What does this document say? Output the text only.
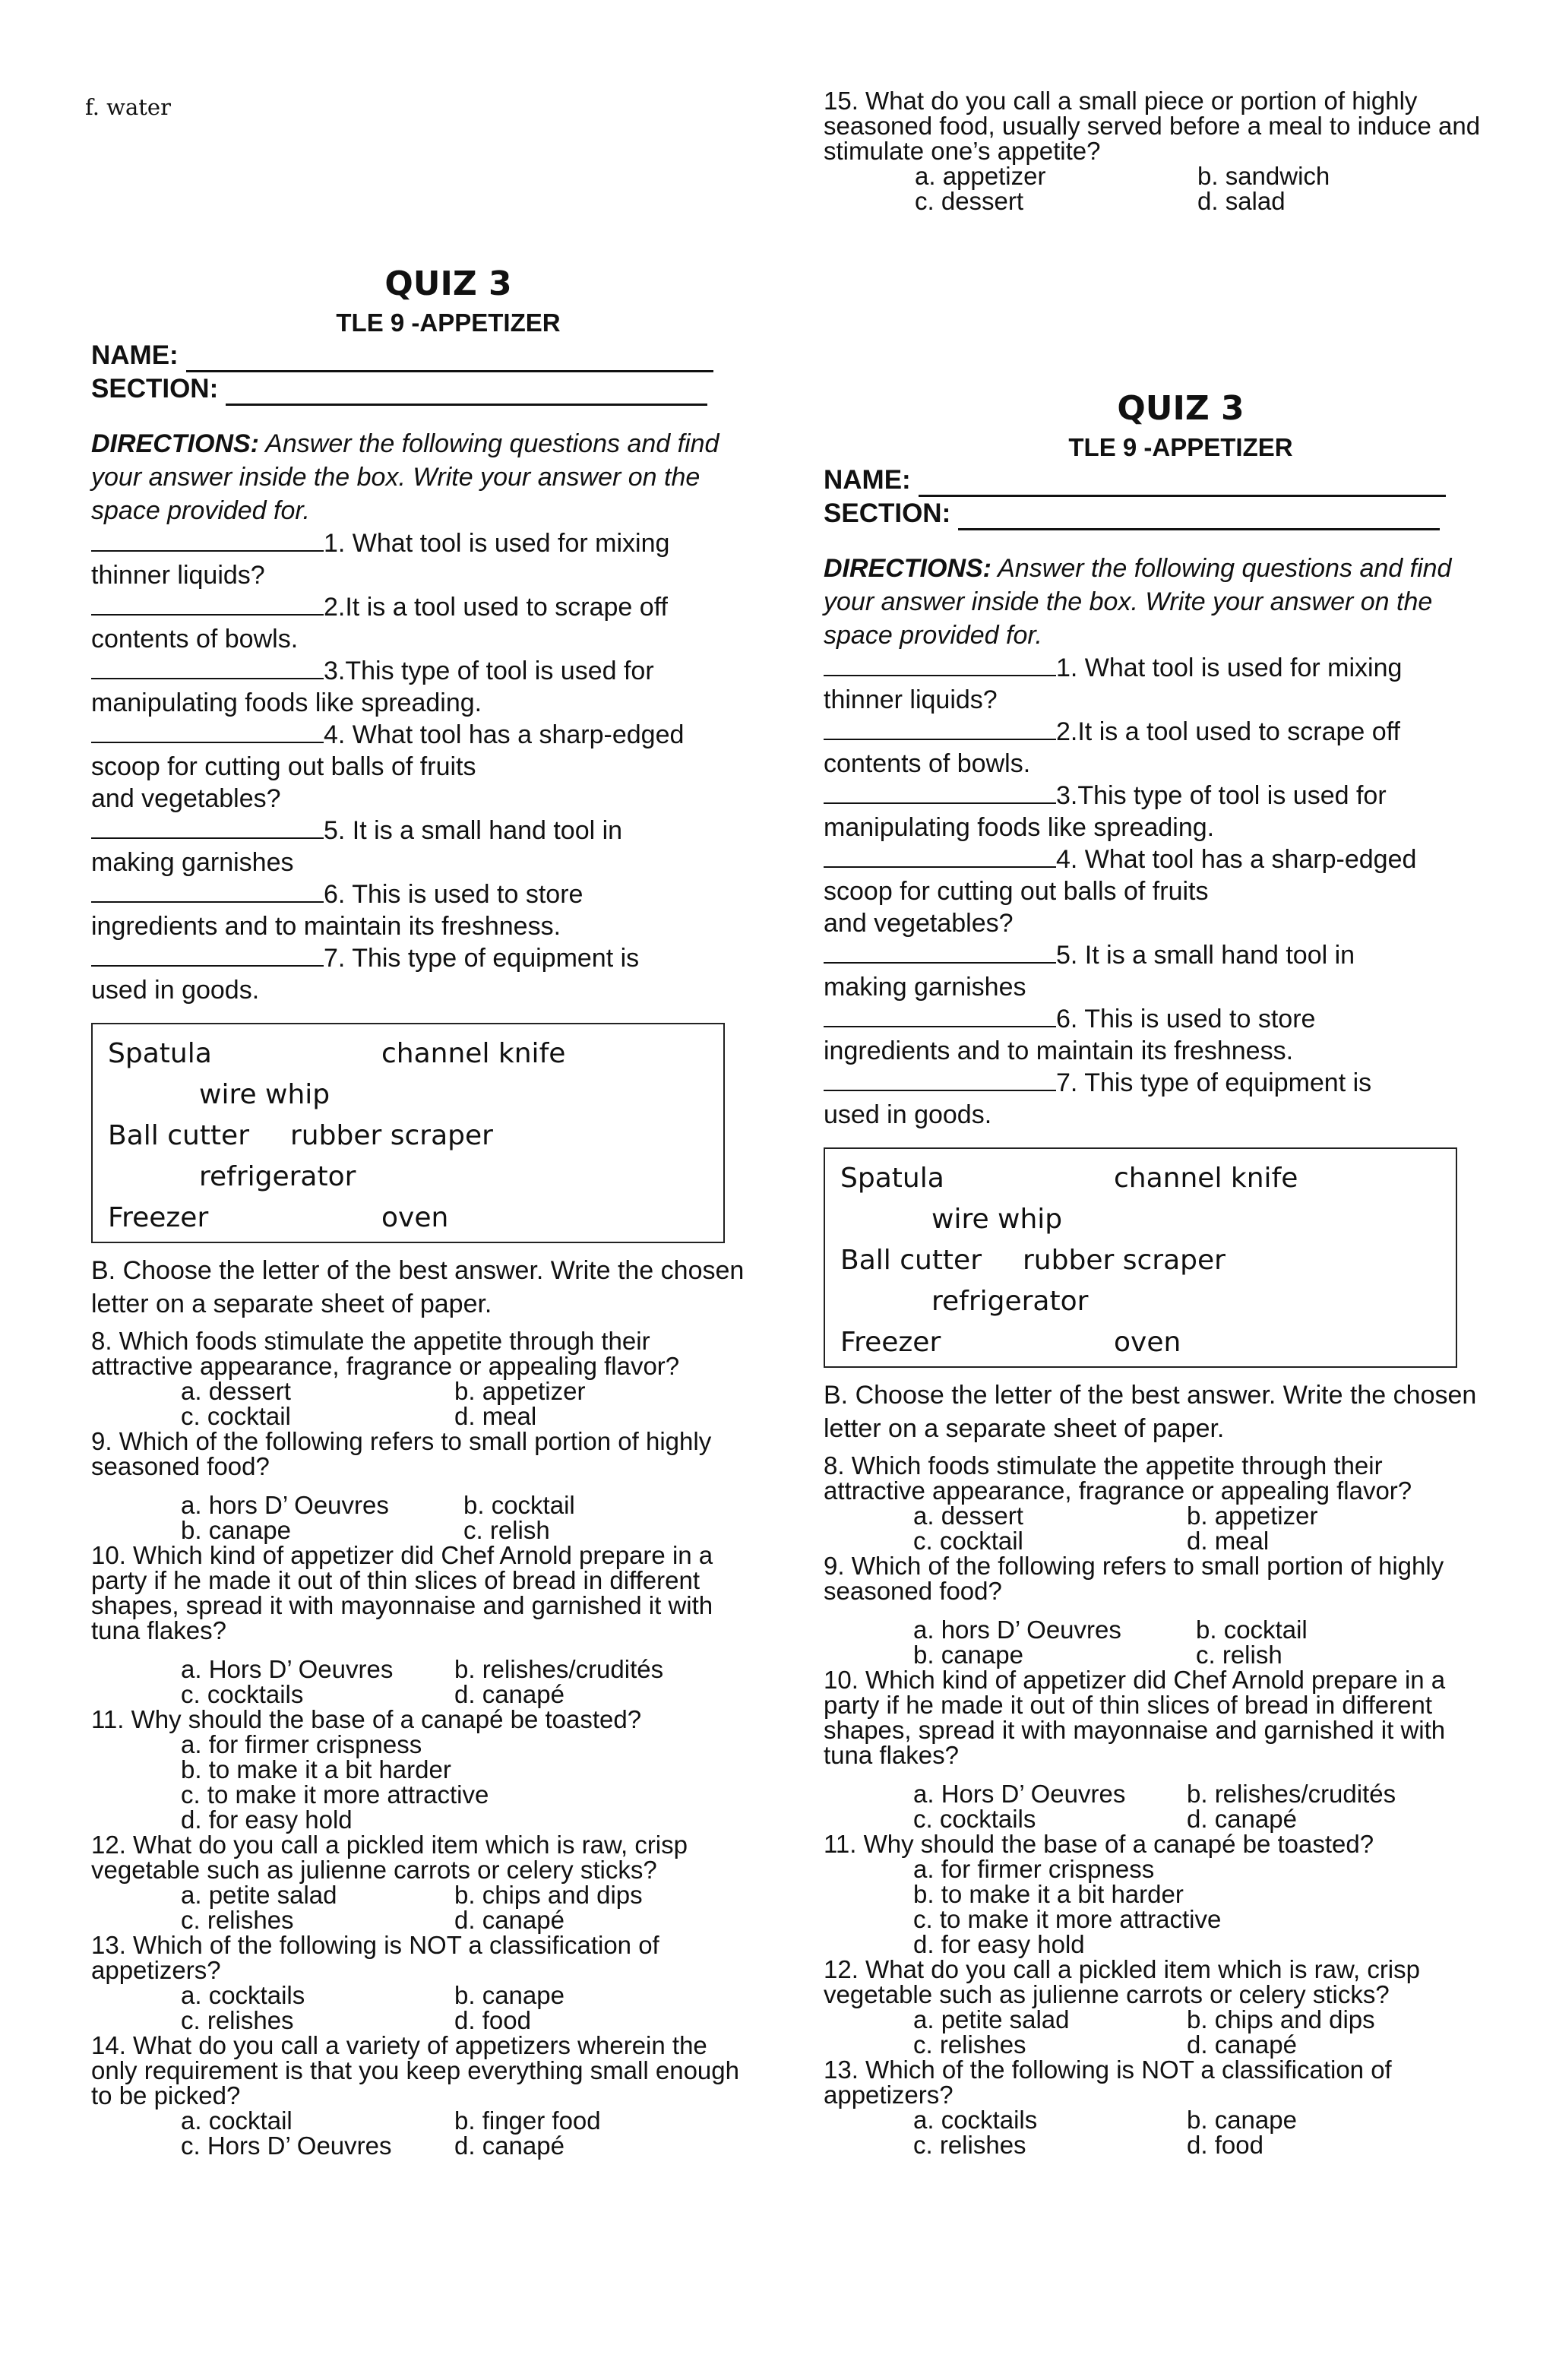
f. water	15. What do you call a small piece or portion of highly seasoned food, usually served before a meal to induce and stimulate one’s appetite?
a. appetizer	b. sandwich
c. dessert	d. salad
QUIZ 3
TLE 9 -APPETIZER
NAME:
SECTION:
DIRECTIONS: Answer the following questions and find your answer inside the box. Write your answer on the space provided for.
1. What tool is used for mixing
thinner liquids?
2.It is a tool used to scrape off
contents of bowls.
3.This type of tool is used for
manipulating foods like spreading.
4. What tool has a sharp-edged
scoop for cutting out balls of fruits
and vegetables?
5. It is a small hand tool in
making garnishes
6. This is used to store
ingredients and to maintain its freshness.
7. This type of equipment is
used in goods.
Spatula	channel knife
wire whip
Ball cutter rubber scraper
refrigerator
Freezer	oven
B. Choose the letter of the best answer. Write the chosen letter on a separate sheet of paper.
8. Which foods stimulate the appetite through their attractive appearance, fragrance or appealing flavor?
a. dessert	b. appetizer
c. cocktail	d. meal
9. Which of the following refers to small portion of highly seasoned food?
a. hors D’ Oeuvres	b. cocktail
b. canape	c. relish
10. Which kind of appetizer did Chef Arnold prepare in a party if he made it out of thin slices of bread in different shapes, spread it with mayonnaise and garnished it with tuna flakes?
a. Hors D’ Oeuvres	b. relishes/crudités
c. cocktails	d. canapé
11. Why should the base of a canapé be toasted?
a. for firmer crispness
b. to make it a bit harder
c. to make it more attractive
d. for easy hold
12. What do you call a pickled item which is raw, crisp vegetable such as julienne carrots or celery sticks?
a. petite salad	b. chips and dips
c. relishes	d. canapé
13. Which of the following is NOT a classification of appetizers?
a. cocktails	b. canape
c. relishes	d. food
14. What do you call a variety of appetizers wherein the only requirement is that you keep everything small enough to be picked?
a. cocktail	b. finger food
c. Hors D’ Oeuvres	d. canapé
QUIZ 3
TLE 9 -APPETIZER
NAME:
SECTION:
DIRECTIONS: Answer the following questions and find your answer inside the box. Write your answer on the space provided for.
1. What tool is used for mixing
thinner liquids?
2.It is a tool used to scrape off
contents of bowls.
3.This type of tool is used for
manipulating foods like spreading.
4. What tool has a sharp-edged
scoop for cutting out balls of fruits
and vegetables?
5. It is a small hand tool in
making garnishes
6. This is used to store
ingredients and to maintain its freshness.
7. This type of equipment is
used in goods.
Spatula	channel knife
wire whip
Ball cutter rubber scraper
refrigerator
Freezer	oven
B. Choose the letter of the best answer. Write the chosen letter on a separate sheet of paper.
8. Which foods stimulate the appetite through their attractive appearance, fragrance or appealing flavor?
a. dessert	b. appetizer
c. cocktail	d. meal
9. Which of the following refers to small portion of highly seasoned food?
a. hors D’ Oeuvres	b. cocktail
b. canape	c. relish
10. Which kind of appetizer did Chef Arnold prepare in a party if he made it out of thin slices of bread in different shapes, spread it with mayonnaise and garnished it with tuna flakes?
a. Hors D’ Oeuvres	b. relishes/crudités
c. cocktails	d. canapé
11. Why should the base of a canapé be toasted?
a. for firmer crispness
b. to make it a bit harder
c. to make it more attractive
d. for easy hold
12. What do you call a pickled item which is raw, crisp vegetable such as julienne carrots or celery sticks?
a. petite salad	b. chips and dips
c. relishes	d. canapé
13. Which of the following is NOT a classification of appetizers?
a. cocktails	b. canape
c. relishes	d. food
